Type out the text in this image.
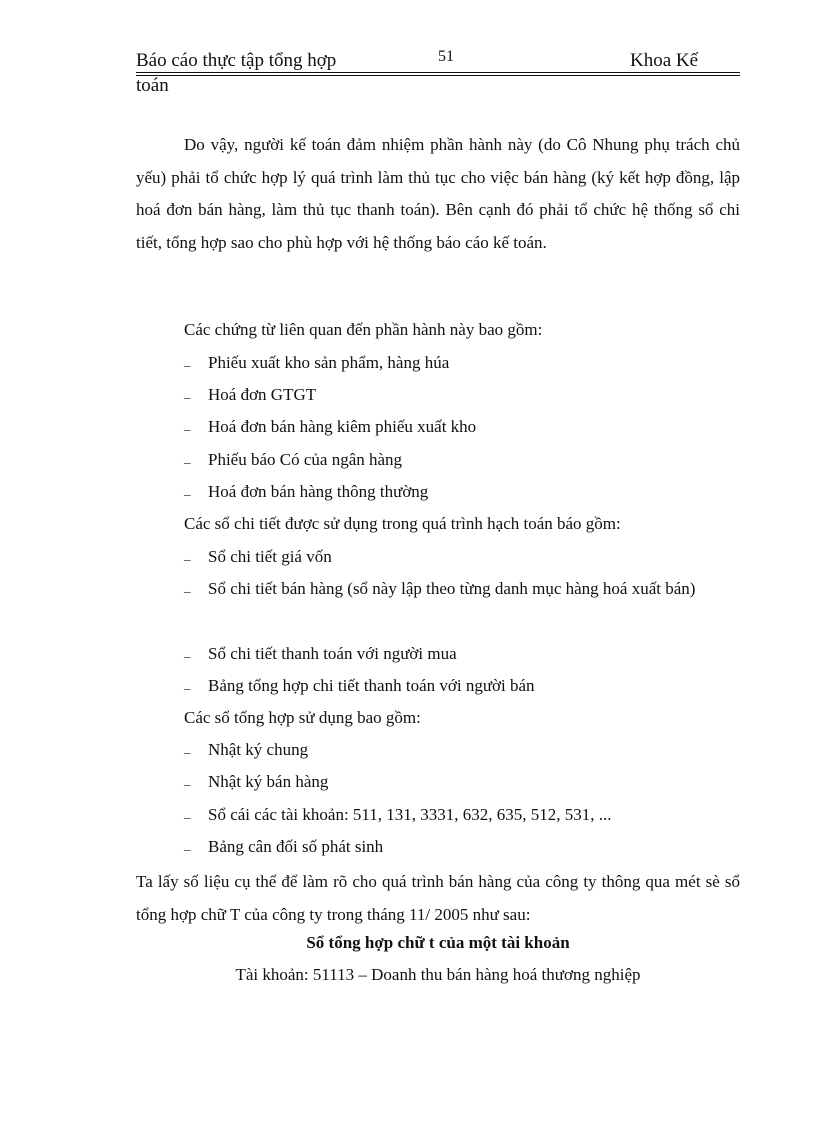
Báo cáo thực tập tổng hợp	51	Khoa Kế
toán

Do vậy, người kế toán đảm nhiệm phần hành này (do Cô Nhung phụ trách chủ yếu) phải tổ chức hợp lý quá trình làm thủ tục cho việc bán hàng (ký kết hợp đồng, lập hoá đơn bán hàng, làm thủ tục thanh toán). Bên cạnh đó phải tổ chức hệ thống sổ chi tiết, tổng hợp sao cho phù hợp với hệ thống báo cáo kế toán.

Các chứng từ liên quan đến phần hành này bao gồm:
_ Phiếu xuất kho sản phẩm, hàng húa
_ Hoá đơn GTGT
_ Hoá đơn bán hàng kiêm phiếu xuất kho
_ Phiếu báo Có của ngân hàng
_ Hoá đơn bán hàng thông thường
Các sổ chi tiết được sử dụng trong quá trình hạch toán báo gồm:
_ Sổ chi tiết giá vốn
_ Sổ chi tiết bán hàng (sổ này lập theo từng danh mục hàng hoá xuất bán)
_ Sổ chi tiết thanh toán với người mua
_ Bảng tổng hợp chi tiết thanh toán với người bán
Các sổ tổng hợp sử dụng bao gồm:
_ Nhật ký chung
_ Nhật ký bán hàng
_ Sổ cái các tài khoản: 511, 131, 3331, 632, 635, 512, 531, ...
_ Bảng cân đối số phát sinh

Ta lấy số liệu cụ thể để làm rõ cho quá trình bán hàng của công ty thông qua mét sè sổ tổng hợp chữ T của công ty trong tháng 11/ 2005 như sau:

Sổ tổng hợp chữ t của một tài khoản
Tài khoản: 51113 – Doanh thu bán hàng hoá thương nghiệp
